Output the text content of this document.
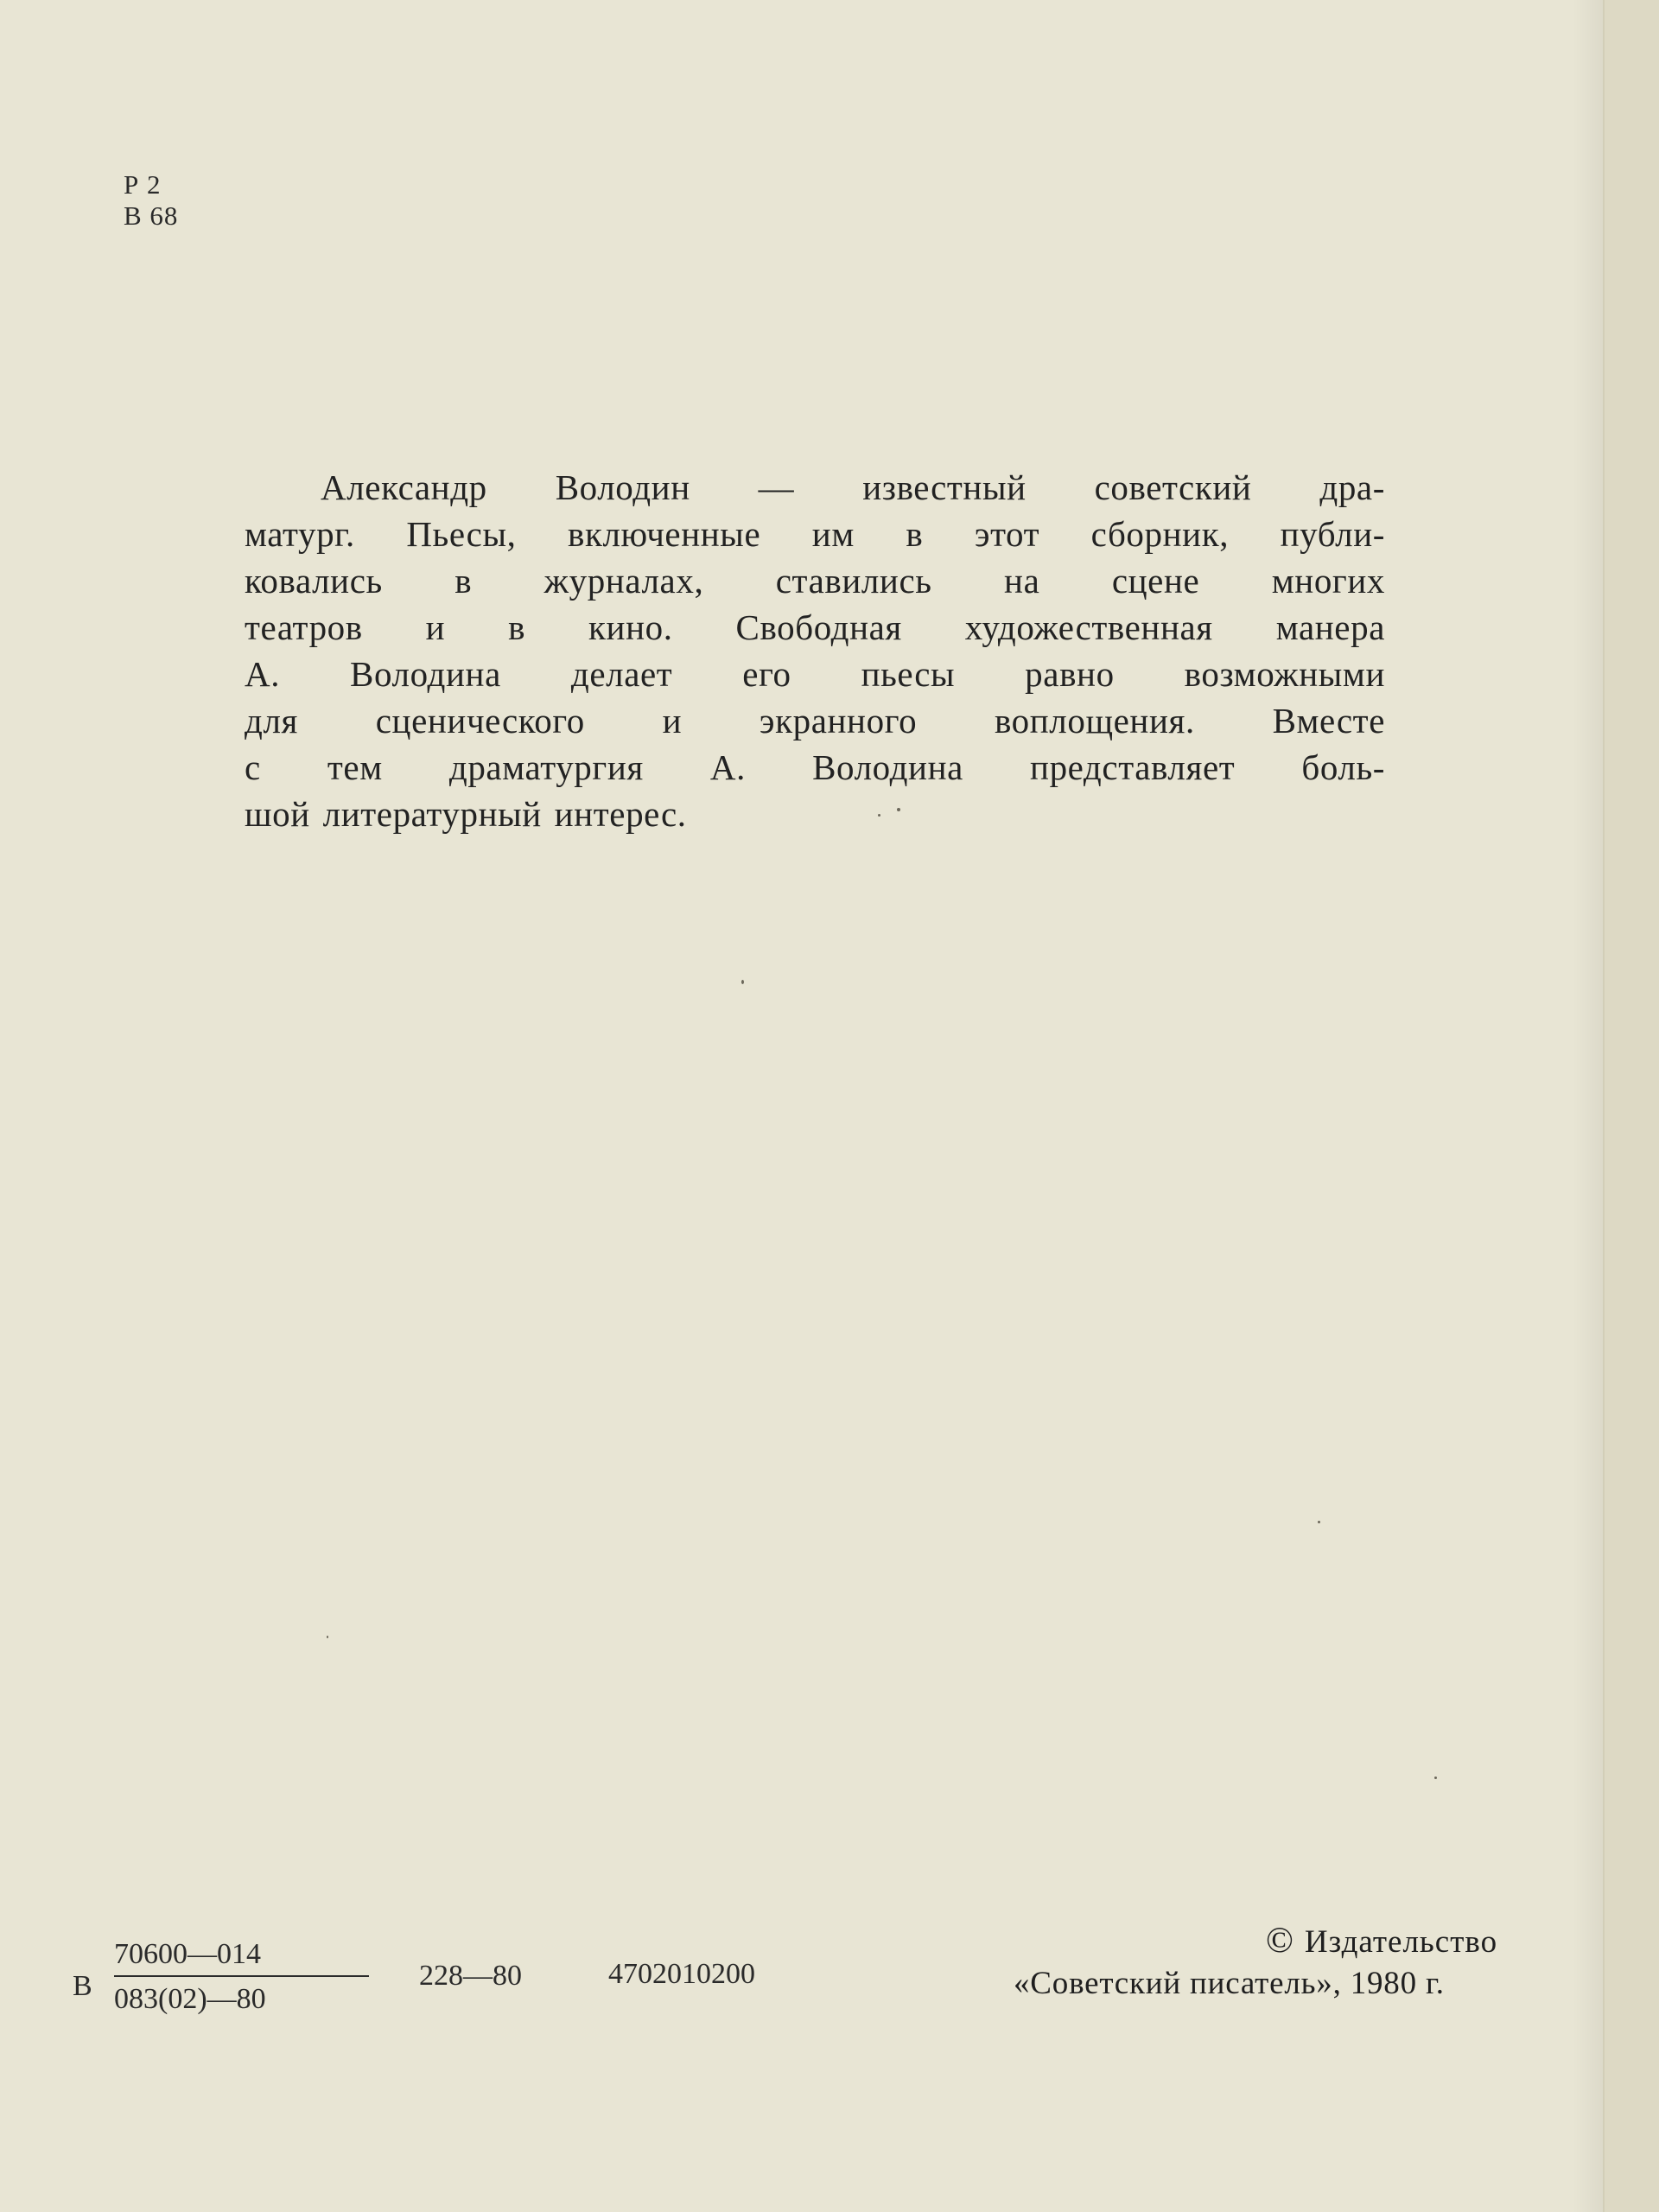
Р 2
В 68
Александр Володин — известный советский дра-
матург. Пьесы, включенные им в этот сборник, публи-
ковались в журналах, ставились на сцене многих
театров и в кино. Свободная художественная манера
А. Володина делает его пьесы равно возможными
для сценического и экранного воплощения. Вместе
с тем драматургия А. Володина представляет боль-
шой литературный интерес.
В
70600—014
083(02)—80
228—80	4702010200
© Издательство
«Советский писатель», 1980 г.
